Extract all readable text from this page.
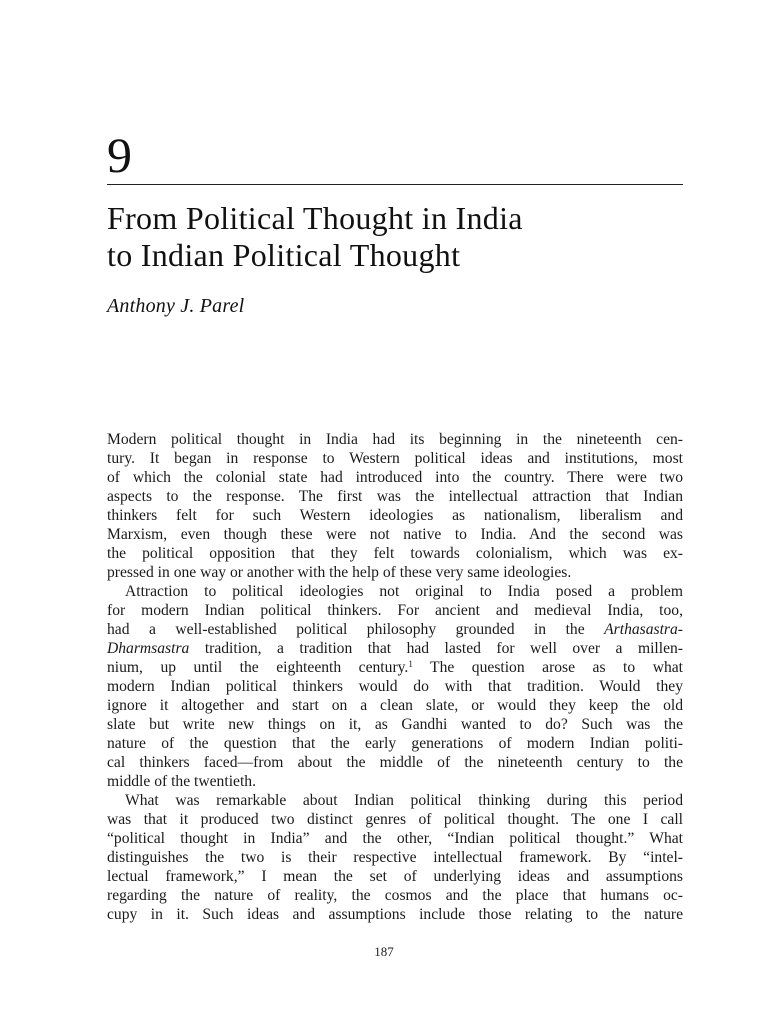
9
From Political Thought in India
to Indian Political Thought
Anthony J. Parel
Modern political thought in India had its beginning in the nineteenth cen-
tury. It began in response to Western political ideas and institutions, most
of which the colonial state had introduced into the country. There were two
aspects to the response. The first was the intellectual attraction that Indian
thinkers felt for such Western ideologies as nationalism, liberalism and
Marxism, even though these were not native to India. And the second was
the political opposition that they felt towards colonialism, which was ex-
pressed in one way or another with the help of these very same ideologies.
Attraction to political ideologies not original to India posed a problem
for modern Indian political thinkers. For ancient and medieval India, too,
had a well-established political philosophy grounded in the Arthasastra-
Dharmsastra tradition, a tradition that had lasted for well over a millen-
nium, up until the eighteenth century.$^1$ The question arose as to what
modern Indian political thinkers would do with that tradition. Would they
ignore it altogether and start on a clean slate, or would they keep the old
slate but write new things on it, as Gandhi wanted to do? Such was the
nature of the question that the early generations of modern Indian politi-
cal thinkers faced—from about the middle of the nineteenth century to the
middle of the twentieth.
What was remarkable about Indian political thinking during this period
was that it produced two distinct genres of political thought. The one I call
“political thought in India” and the other, “Indian political thought.” What
distinguishes the two is their respective intellectual framework. By “intel-
lectual framework,” I mean the set of underlying ideas and assumptions
regarding the nature of reality, the cosmos and the place that humans oc-
cupy in it. Such ideas and assumptions include those relating to the nature
187
